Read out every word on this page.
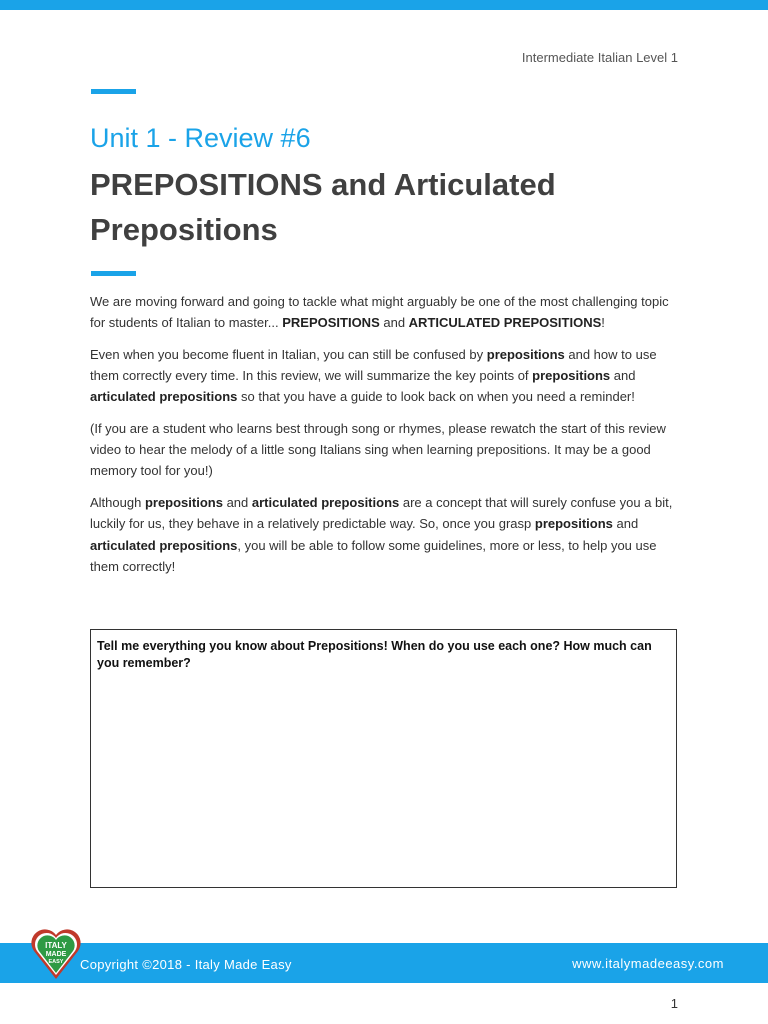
Intermediate Italian Level 1
Unit 1 - Review #6
PREPOSITIONS and Articulated Prepositions

We are moving forward and going to tackle what might arguably be one of the most challenging topic for students of Italian to master... PREPOSITIONS and ARTICULATED PREPOSITIONS!

Even when you become fluent in Italian, you can still be confused by prepositions and how to use them correctly every time. In this review, we will summarize the key points of prepositions and articulated prepositions so that you have a guide to look back on when you need a reminder!

(If you are a student who learns best through song or rhymes, please rewatch the start of this review video to hear the melody of a little song Italians sing when learning prepositions. It may be a good memory tool for you!)

Although prepositions and articulated prepositions are a concept that will surely confuse you a bit, luckily for us, they behave in a relatively predictable way. So, once you grasp prepositions and articulated prepositions, you will be able to follow some guidelines, more or less, to help you use them correctly!

Tell me everything you know about Prepositions! When do you use each one? How much can you remember?
ITALY
MADE
EASY Copyright ©2018 - Italy Made Easy	www.italymadeeasy.com
1
